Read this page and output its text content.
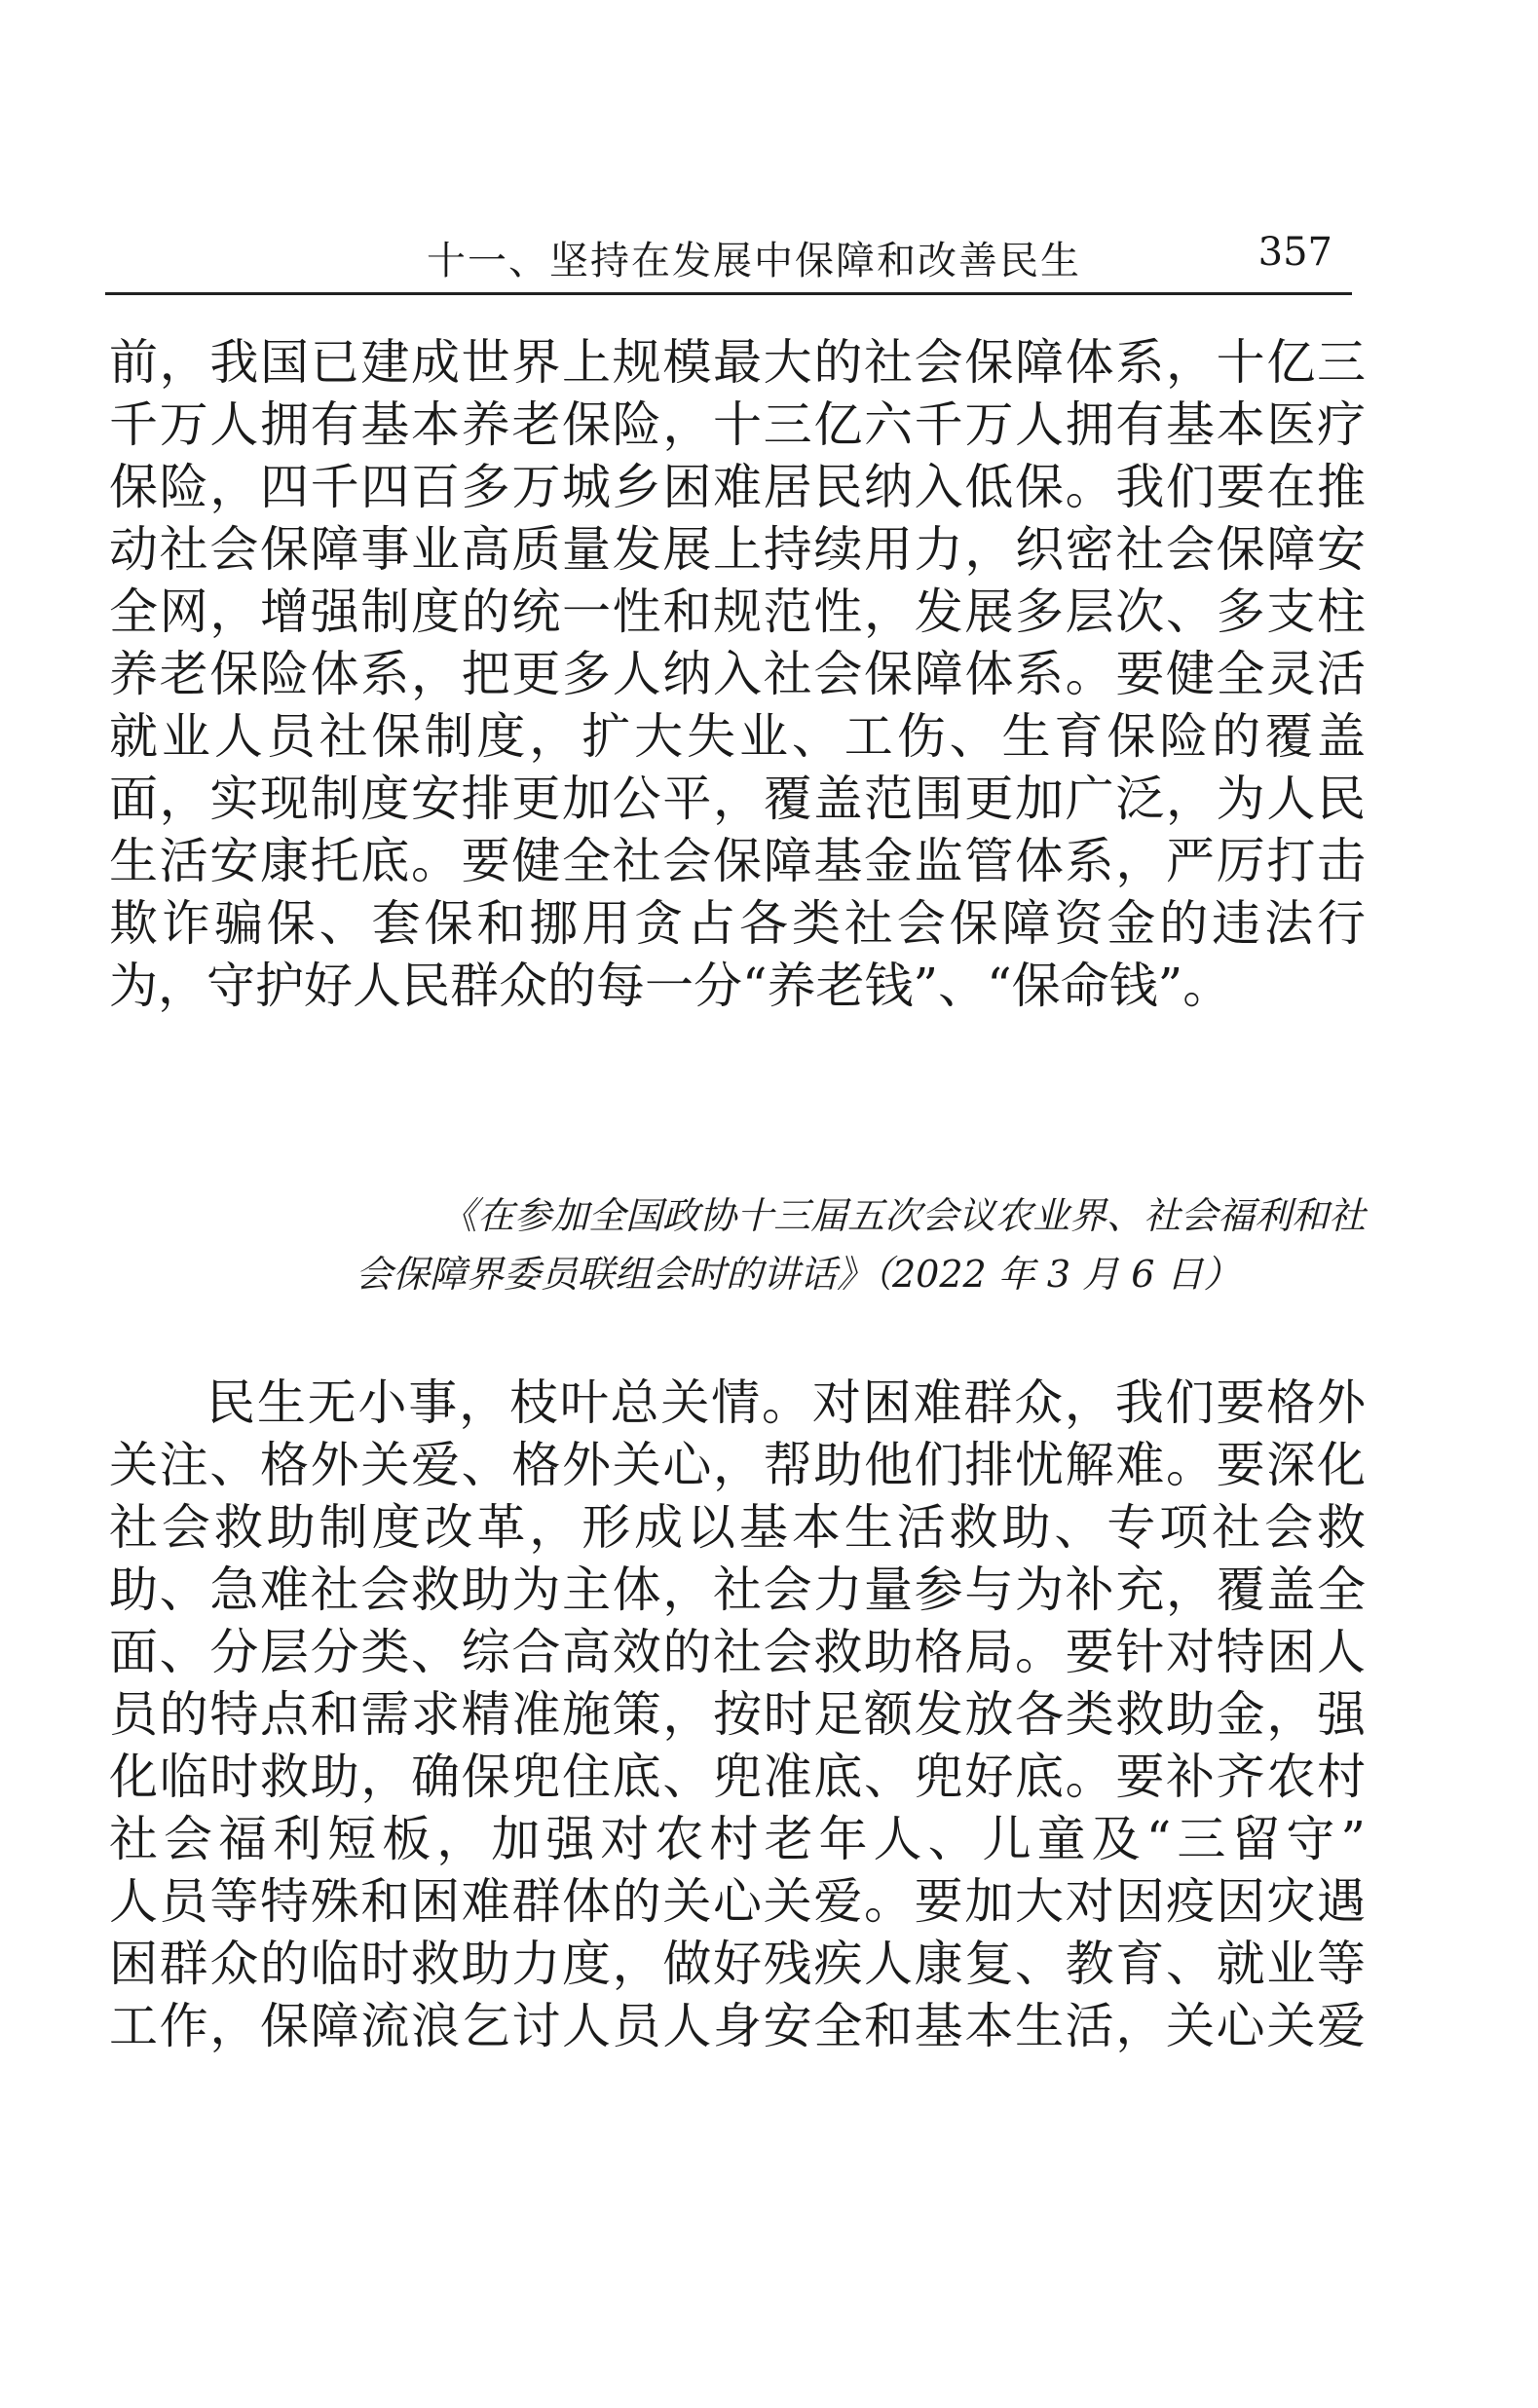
十一、坚持在发展中保障和改善民生	357
前，我国已建成世界上规模最大的社会保障体系，十亿三
千万人拥有基本养老保险，十三亿六千万人拥有基本医疗
保险，四千四百多万城乡困难居民纳入低保。我们要在推
动社会保障事业高质量发展上持续用力，织密社会保障安
全网，增强制度的统一性和规范性，发展多层次、多支柱
养老保险体系，把更多人纳入社会保障体系。要健全灵活
就业人员社保制度，扩大失业、工伤、生育保险的覆盖
面，实现制度安排更加公平，覆盖范围更加广泛，为人民
生活安康托底。要健全社会保障基金监管体系，严厉打击
欺诈骗保、套保和挪用贪占各类社会保障资金的违法行
为，守护好人民群众的每一分“养老钱”、“保命钱”。
《在参加全国政协十三届五次会议农业界、社会福利和社
会保障界委员联组会时的讲话》（2022 年 3 月 6 日）
民生无小事，枝叶总关情。对困难群众，我们要格外
关注、格外关爱、格外关心，帮助他们排忧解难。要深化
社会救助制度改革，形成以基本生活救助、专项社会救
助、急难社会救助为主体，社会力量参与为补充，覆盖全
面、分层分类、综合高效的社会救助格局。要针对特困人
员的特点和需求精准施策，按时足额发放各类救助金，强
化临时救助，确保兜住底、兜准底、兜好底。要补齐农村
社会福利短板，加强对农村老年人、儿童及“三留守”
人员等特殊和困难群体的关心关爱。要加大对因疫因灾遇
困群众的临时救助力度，做好残疾人康复、教育、就业等
工作，保障流浪乞讨人员人身安全和基本生活，关心关爱
